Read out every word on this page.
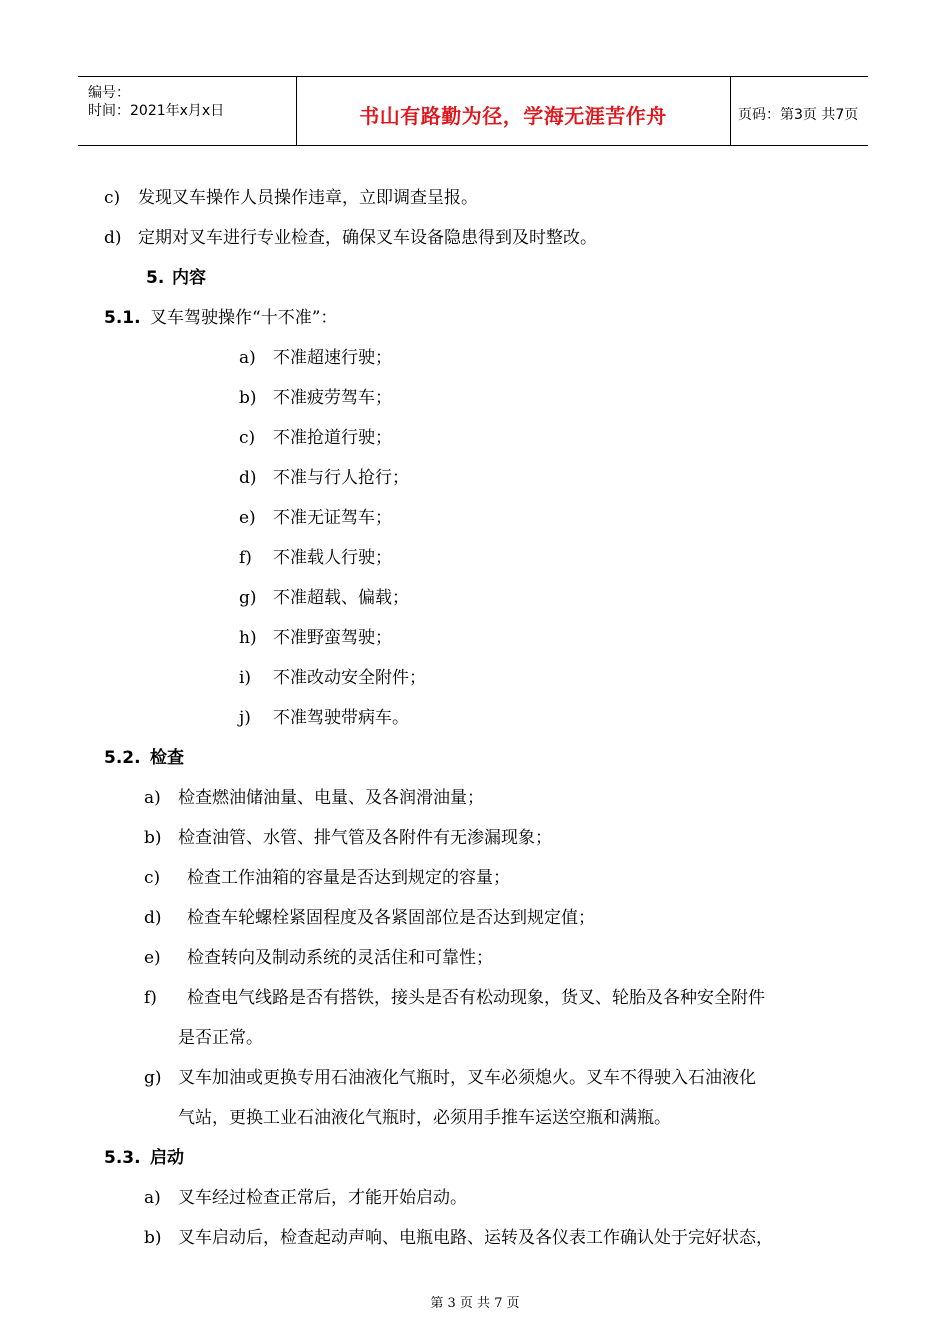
编号：
时间：2021年x月x日	书山有路勤为径，学海无涯苦作舟	页码：第3页 共7页
c) 发现叉车操作人员操作违章，立即调查呈报。
d) 定期对叉车进行专业检查，确保叉车设备隐患得到及时整改。
5. 内容
5.1. 叉车驾驶操作“十不准”：
a) 不准超速行驶；
b) 不准疲劳驾车；
c) 不准抢道行驶；
d) 不准与行人抢行；
e) 不准无证驾车；
f) 不准载人行驶；
g) 不准超载、偏载；
h) 不准野蛮驾驶；
i) 不准改动安全附件；
j) 不准驾驶带病车。
5.2. 检查
a) 检查燃油储油量、电量、及各润滑油量；
b) 检查油管、水管、排气管及各附件有无渗漏现象；
c) 检查工作油箱的容量是否达到规定的容量；
d) 检查车轮螺栓紧固程度及各紧固部位是否达到规定值；
e) 检查转向及制动系统的灵活住和可靠性；
f) 检查电气线路是否有搭铁，接头是否有松动现象，货叉、轮胎及各种安全附件
是否正常。
g) 叉车加油或更换专用石油液化气瓶时，叉车必须熄火。叉车不得驶入石油液化
气站，更换工业石油液化气瓶时，必须用手推车运送空瓶和满瓶。
5.3. 启动
a) 叉车经过检查正常后，才能开始启动。
b) 叉车启动后，检查起动声响、电瓶电路、运转及各仪表工作确认处于完好状态，
第 3 页 共 7 页
